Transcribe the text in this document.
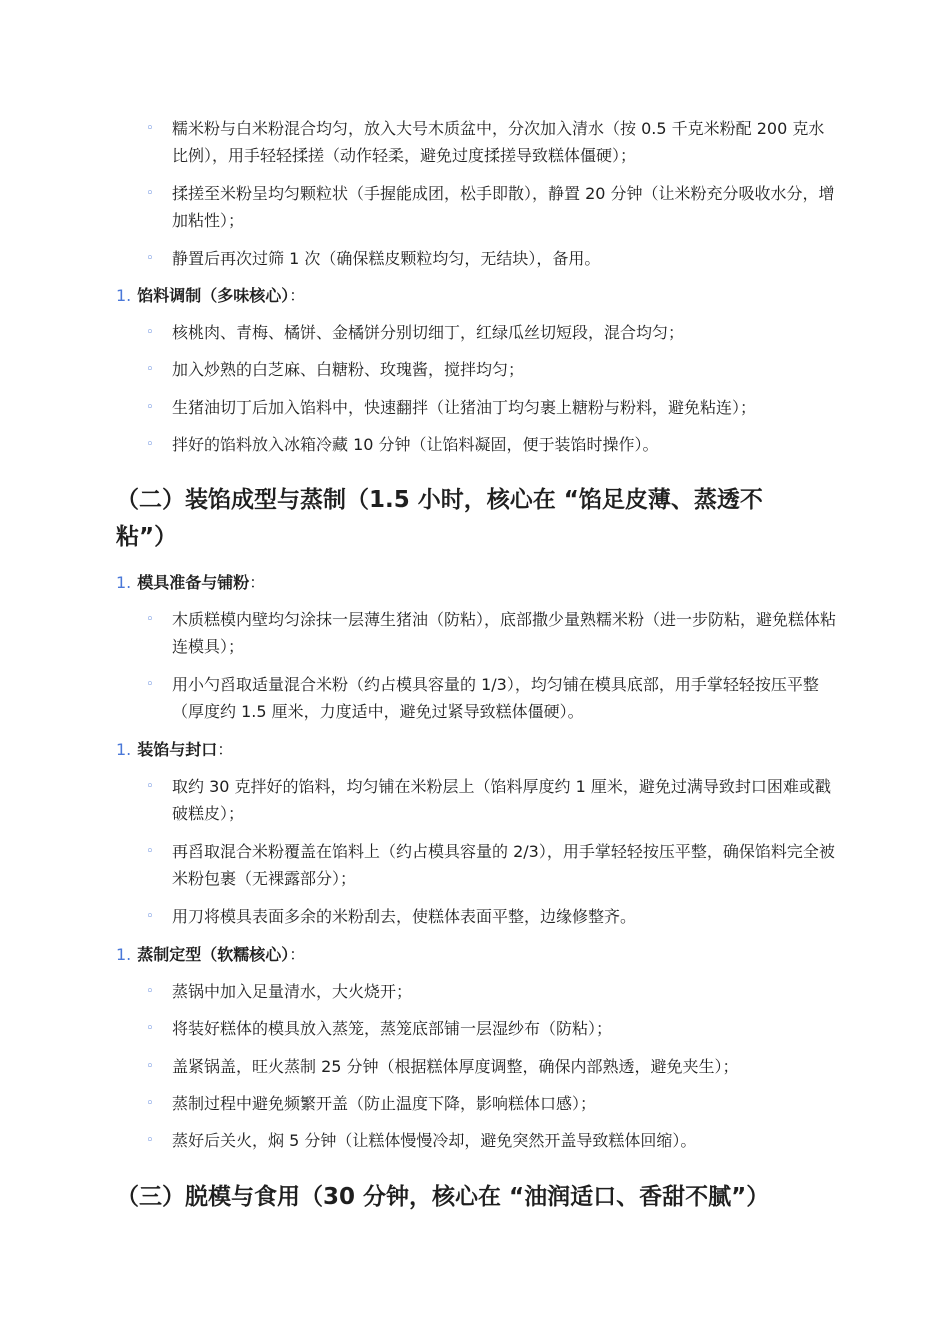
◦ 糯米粉与白米粉混合均匀，放入大号木质盆中，分次加入清水（按 0.5 千克米粉配 200 克水比例），用手轻轻揉搓（动作轻柔，避免过度揉搓导致糕体僵硬）；
◦ 揉搓至米粉呈均匀颗粒状（手握能成团，松手即散），静置 20 分钟（让米粉充分吸收水分，增加粘性）；
◦ 静置后再次过筛 1 次（确保糕皮颗粒均匀，无结块），备用。
1. 馅料调制（多味核心）：
◦ 核桃肉、青梅、橘饼、金橘饼分别切细丁，红绿瓜丝切短段，混合均匀；
◦ 加入炒熟的白芝麻、白糖粉、玫瑰酱，搅拌均匀；
◦ 生猪油切丁后加入馅料中，快速翻拌（让猪油丁均匀裹上糖粉与粉料，避免粘连）；
◦ 拌好的馅料放入冰箱冷藏 10 分钟（让馅料凝固，便于装馅时操作）。
（二）装馅成型与蒸制（1.5 小时，核心在 “馅足皮薄、蒸透不粘”）
1. 模具准备与铺粉：
◦ 木质糕模内壁均匀涂抹一层薄生猪油（防粘），底部撒少量熟糯米粉（进一步防粘，避免糕体粘连模具）；
◦ 用小勺舀取适量混合米粉（约占模具容量的 1/3），均匀铺在模具底部，用手掌轻轻按压平整（厚度约 1.5 厘米，力度适中，避免过紧导致糕体僵硬）。
1. 装馅与封口：
◦ 取约 30 克拌好的馅料，均匀铺在米粉层上（馅料厚度约 1 厘米，避免过满导致封口困难或戳破糕皮）；
◦ 再舀取混合米粉覆盖在馅料上（约占模具容量的 2/3），用手掌轻轻按压平整，确保馅料完全被米粉包裹（无裸露部分）；
◦ 用刀将模具表面多余的米粉刮去，使糕体表面平整，边缘修整齐。
1. 蒸制定型（软糯核心）：
◦ 蒸锅中加入足量清水，大火烧开；
◦ 将装好糕体的模具放入蒸笼，蒸笼底部铺一层湿纱布（防粘）；
◦ 盖紧锅盖，旺火蒸制 25 分钟（根据糕体厚度调整，确保内部熟透，避免夹生）；
◦ 蒸制过程中避免频繁开盖（防止温度下降，影响糕体口感）；
◦ 蒸好后关火，焖 5 分钟（让糕体慢慢冷却，避免突然开盖导致糕体回缩）。
（三）脱模与食用（30 分钟，核心在 “油润适口、香甜不腻”）
